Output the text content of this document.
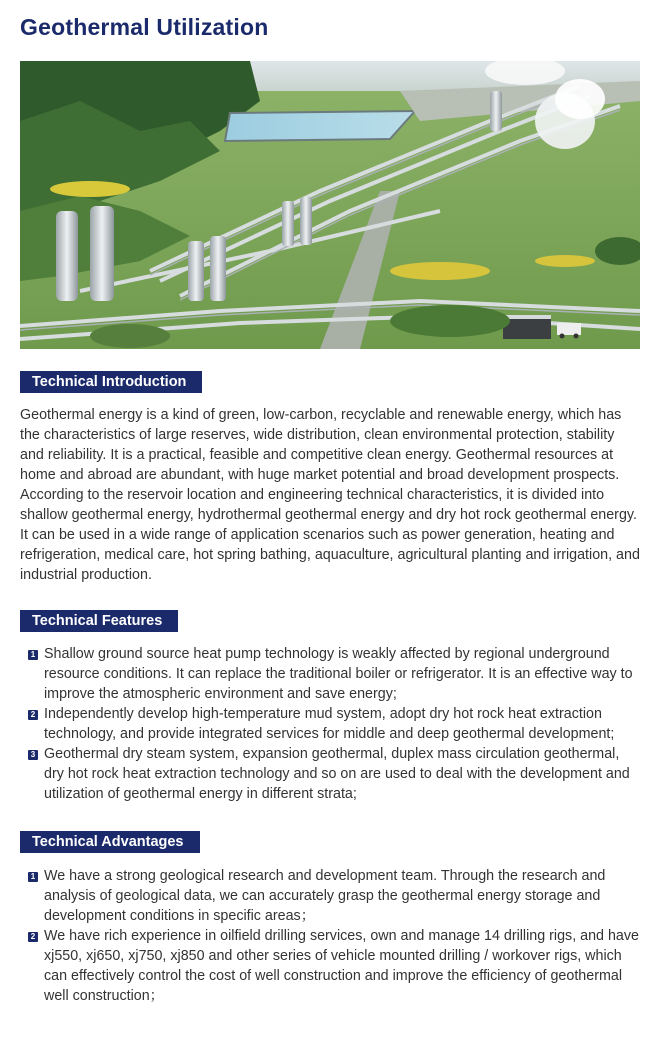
Geothermal Utilization
Technical Introduction

Geothermal energy is a kind of green, low-carbon, recyclable and renewable energy, which has the characteristics of large reserves, wide distribution, clean environmental protection, stability and reliability. It is a practical, feasible and competitive clean energy. Geothermal resources at home and abroad are abundant, with huge market potential and broad development prospects. According to the reservoir location and engineering technical characteristics, it is divided into shallow geothermal energy, hydrothermal geothermal energy and dry hot rock geothermal energy. It can be used in a wide range of application scenarios such as power generation, heating and refrigeration, medical care, hot spring bathing, aquaculture, agricultural planting and irrigation, and industrial production.

Technical Features
1 Shallow ground source heat pump technology is weakly affected by regional underground resource conditions. It can replace the traditional boiler or refrigerator. It is an effective way to improve the atmospheric environment and save energy;
2 Independently develop high-temperature mud system, adopt dry hot rock heat extraction technology, and provide integrated services for middle and deep geothermal development;
3 Geothermal dry steam system, expansion geothermal, duplex mass circulation geothermal, dry hot rock heat extraction technology and so on are used to deal with the development and utilization of geothermal energy in different strata;
Technical Advantages
1 We have a strong geological research and development team. Through the research and analysis of geological data, we can accurately grasp the geothermal energy storage and development conditions in specific areas；
2 We have rich experience in oilfield drilling services, own and manage 14 drilling rigs, and have xj550, xj650, xj750, xj850 and other series of vehicle mounted drilling / workover rigs, which can effectively control the cost of well construction and improve the efficiency of geothermal well construction；
